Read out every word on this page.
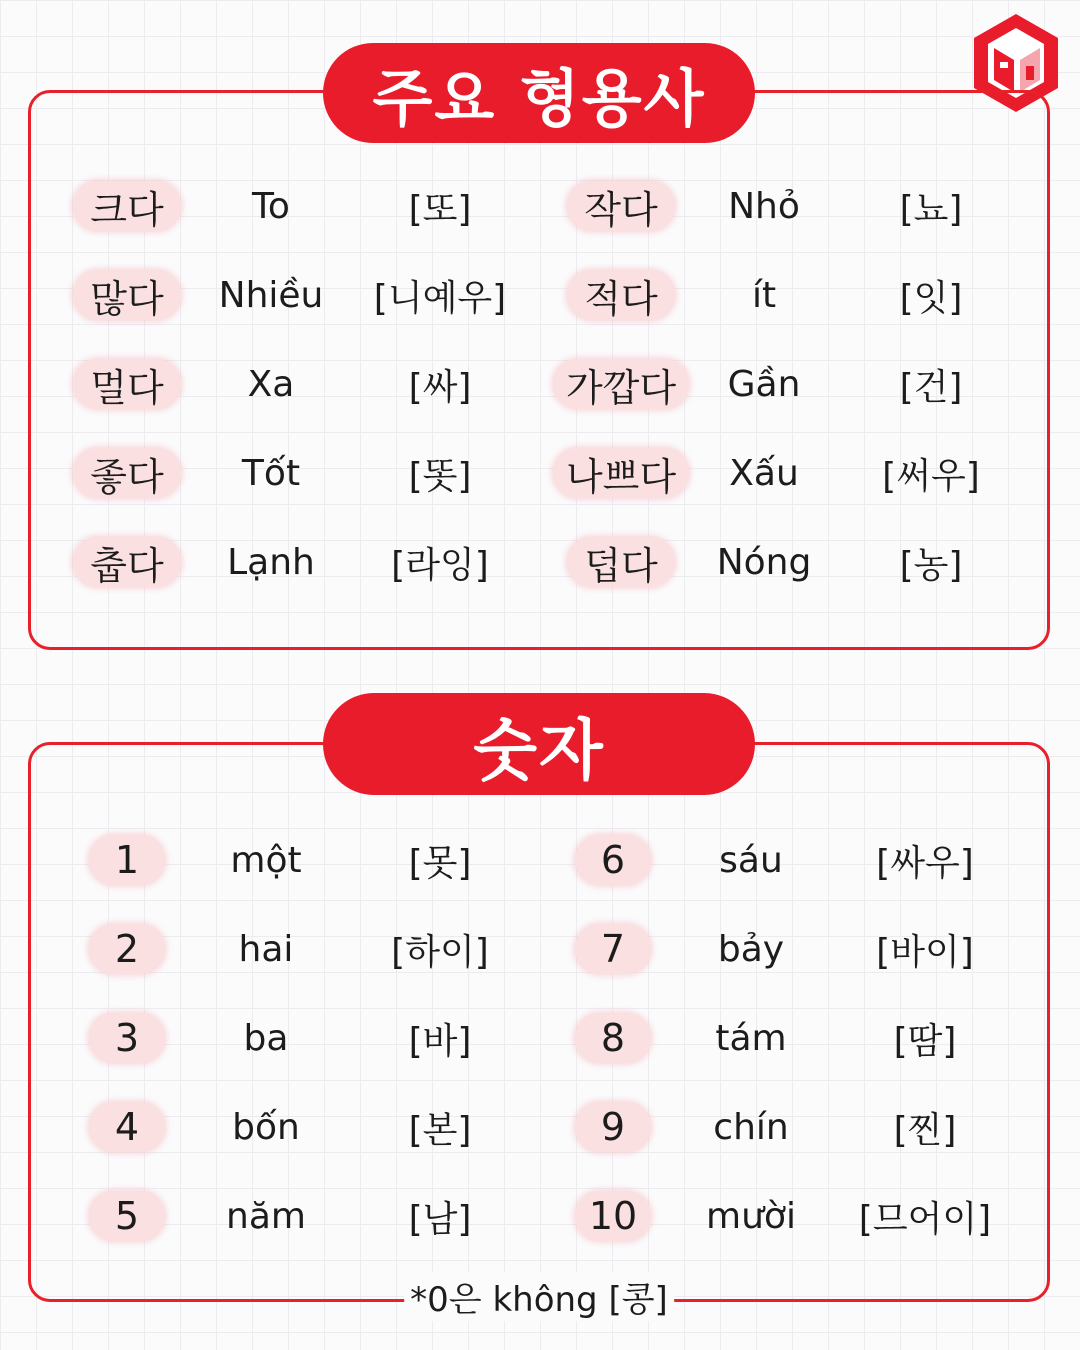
주요 형용사
크다	To	[또]	작다	Nhỏ	[뇨]
많다	Nhiều [니예우]	적다	ít	[잇]
멀다	Xa	[싸]	가깝다	Gần	[건]
좋다	Tốt	[똣]	나쁘다	Xấu [써우]
춥다	Lạnh [라잉]	덥다	Nóng [농]
숫자
1	một	[못]	6	sáu	[싸우]
2	hai	[하이]	7	bảy	[바이]
3	ba	[바]	8	tám	[땀]
4	bốn	[본]	9	chín	[찐]
5	năm	[남]	10	mười [므어이]
*0은 không [콩]
